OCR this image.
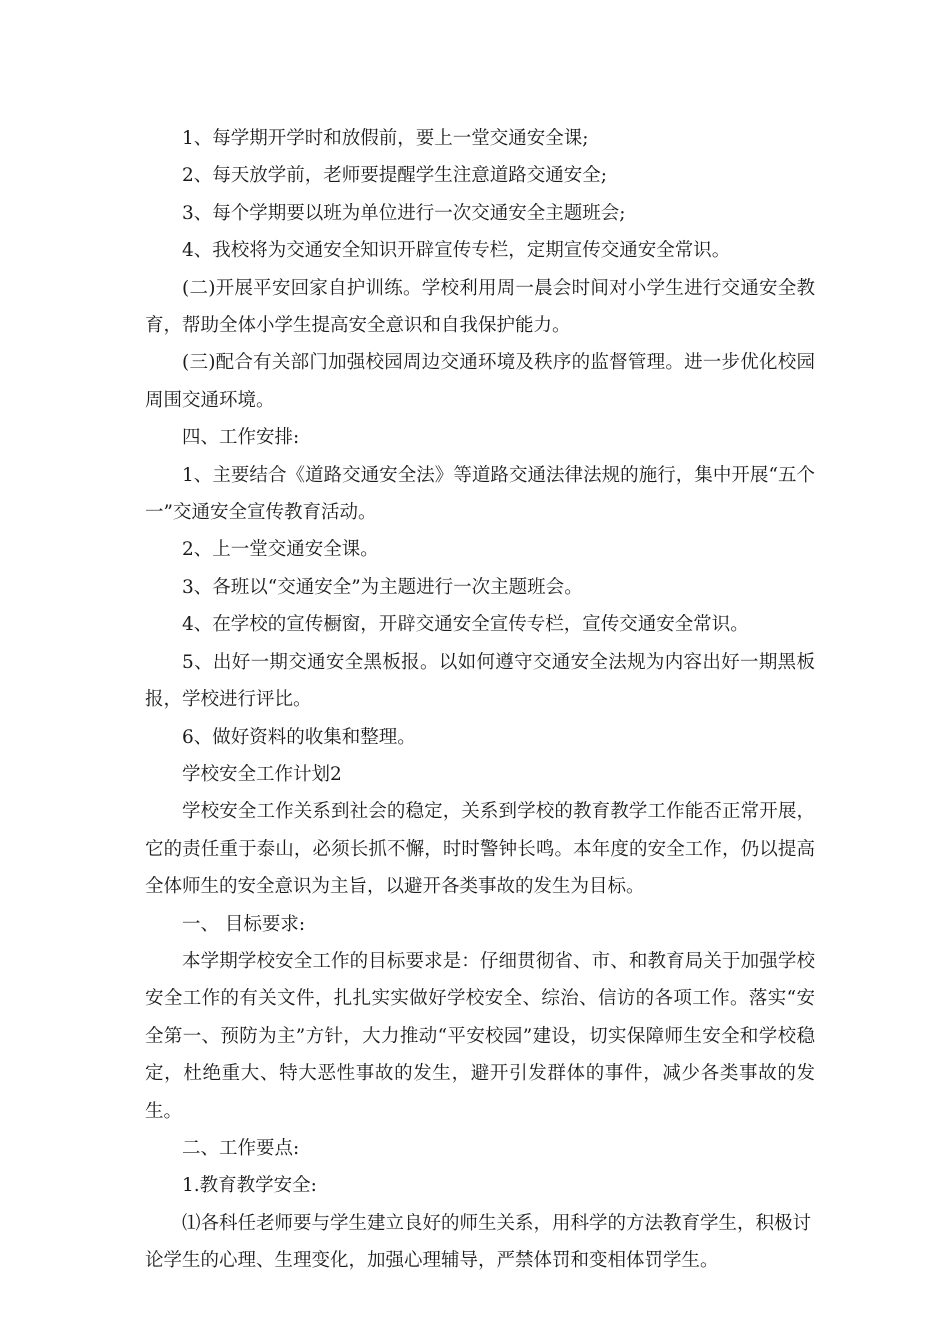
1、每学期开学时和放假前，要上一堂交通安全课;

2、每天放学前，老师要提醒学生注意道路交通安全;

3、每个学期要以班为单位进行一次交通安全主题班会;

4、我校将为交通安全知识开辟宣传专栏，定期宣传交通安全常识。

(二)开展平安回家自护训练。学校利用周一晨会时间对小学生进行交通安全教育，帮助全体小学生提高安全意识和自我保护能力。

(三)配合有关部门加强校园周边交通环境及秩序的监督管理。进一步优化校园周围交通环境。

四、工作安排:

1、主要结合《道路交通安全法》等道路交通法律法规的施行，集中开展“五个一”交通安全宣传教育活动。

2、上一堂交通安全课。

3、各班以“交通安全”为主题进行一次主题班会。

4、在学校的宣传橱窗，开辟交通安全宣传专栏，宣传交通安全常识。

5、出好一期交通安全黑板报。以如何遵守交通安全法规为内容出好一期黑板报，学校进行评比。

6、做好资料的收集和整理。

学校安全工作计划2

学校安全工作关系到社会的稳定，关系到学校的教育教学工作能否正常开展，它的责任重于泰山，必须长抓不懈，时时警钟长鸣。本年度的安全工作，仍以提高全体师生的安全意识为主旨，以避开各类事故的发生为目标。

一、 目标要求:

本学期学校安全工作的目标要求是：仔细贯彻省、市、和教育局关于加强学校安全工作的有关文件，扎扎实实做好学校安全、综治、信访的各项工作。落实“安全第一、预防为主”方针，大力推动“平安校园”建设，切实保障师生安全和学校稳定，杜绝重大、特大恶性事故的发生，避开引发群体的事件，减少各类事故的发生。

二、工作要点:

1.教育教学安全:

⑴各科任老师要与学生建立良好的师生关系，用科学的方法教育学生，积极讨论学生的心理、生理变化，加强心理辅导，严禁体罚和变相体罚学生。
